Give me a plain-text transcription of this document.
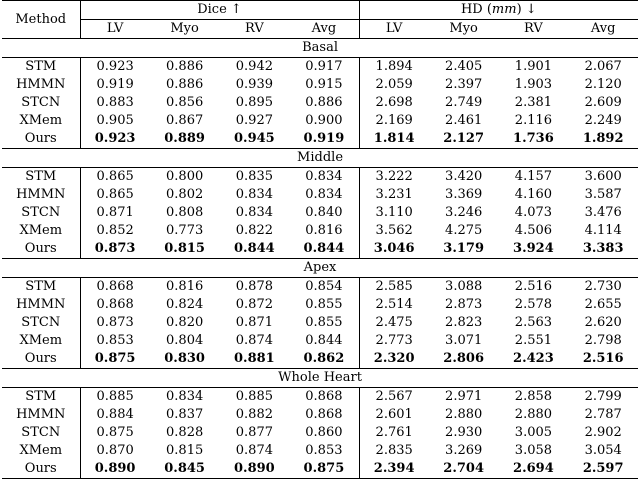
Method	Dice ↑				HD (mm) ↓			
	LV	Myo	RV	Avg	LV	Myo	RV	Avg
Basal								
STM	0.923	0.886	0.942	0.917	1.894	2.405	1.901	2.067
HMMN	0.919	0.886	0.939	0.915	2.059	2.397	1.903	2.120
STCN	0.883	0.856	0.895	0.886	2.698	2.749	2.381	2.609
XMem	0.905	0.867	0.927	0.900	2.169	2.461	2.116	2.249
Ours	0.923	0.889	0.945	0.919	1.814	2.127	1.736	1.892
Middle								
STM	0.865	0.800	0.835	0.834	3.222	3.420	4.157	3.600
HMMN	0.865	0.802	0.834	0.834	3.231	3.369	4.160	3.587
STCN	0.871	0.808	0.834	0.840	3.110	3.246	4.073	3.476
XMem	0.852	0.773	0.822	0.816	3.562	4.275	4.506	4.114
Ours	0.873	0.815	0.844	0.844	3.046	3.179	3.924	3.383
Apex								
STM	0.868	0.816	0.878	0.854	2.585	3.088	2.516	2.730
HMMN	0.868	0.824	0.872	0.855	2.514	2.873	2.578	2.655
STCN	0.873	0.820	0.871	0.855	2.475	2.823	2.563	2.620
XMem	0.853	0.804	0.874	0.844	2.773	3.071	2.551	2.798
Ours	0.875	0.830	0.881	0.862	2.320	2.806	2.423	2.516
Whole Heart								
STM	0.885	0.834	0.885	0.868	2.567	2.971	2.858	2.799
HMMN	0.884	0.837	0.882	0.868	2.601	2.880	2.880	2.787
STCN	0.875	0.828	0.877	0.860	2.761	2.930	3.005	2.902
XMem	0.870	0.815	0.874	0.853	2.835	3.269	3.058	3.054
Ours	0.890	0.845	0.890	0.875	2.394	2.704	2.694	2.597
